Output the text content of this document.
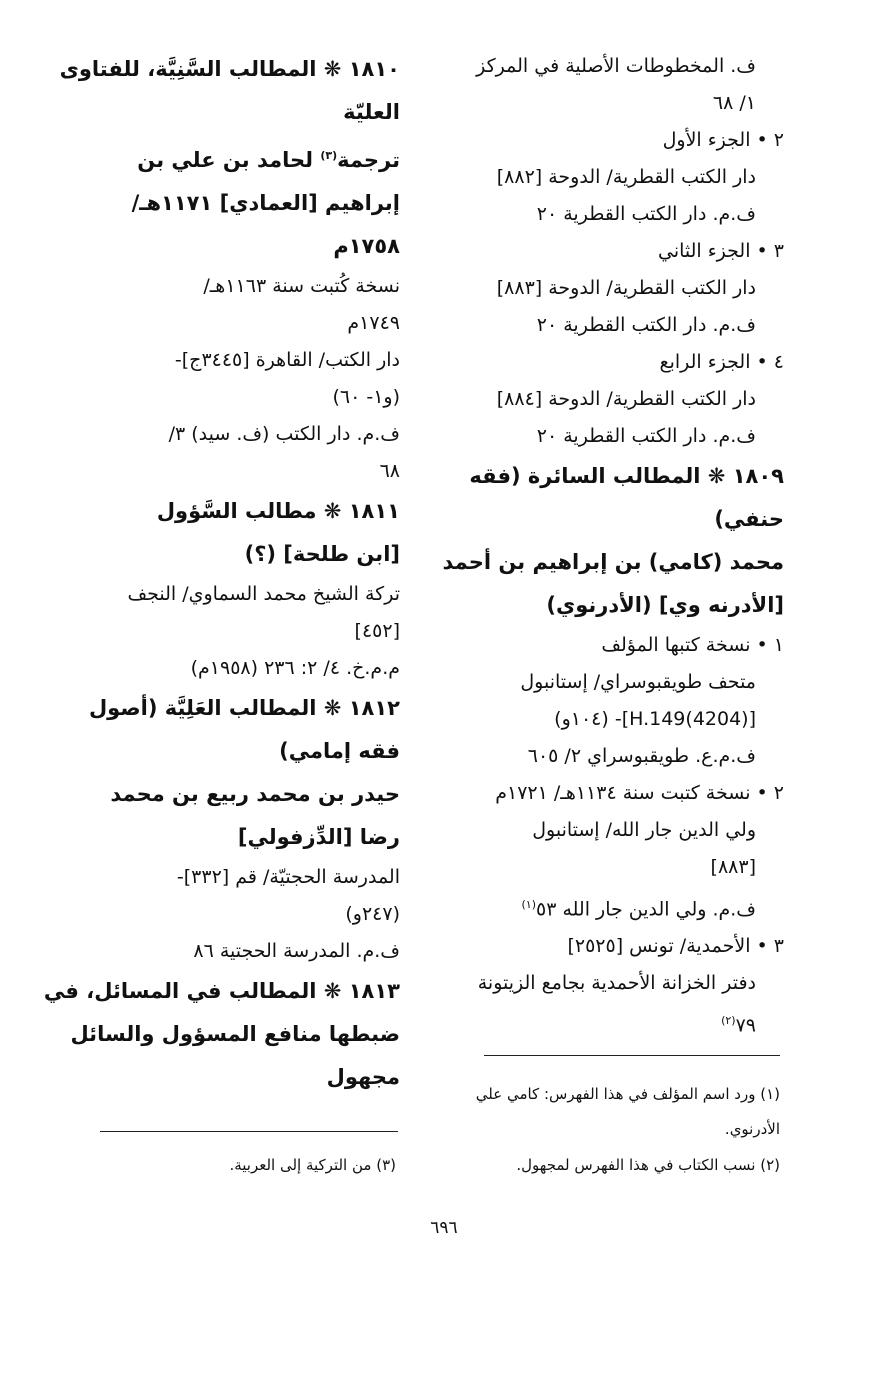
ف. المخطوطات الأصلية في المركز
١/ ٦٨
٢ • الجزء الأول
دار الكتب القطرية/ الدوحة [٨٨٢]
ف.م. دار الكتب القطرية ٢٠
٣ • الجزء الثاني
دار الكتب القطرية/ الدوحة [٨٨٣]
ف.م. دار الكتب القطرية ٢٠
٤ • الجزء الرابع
دار الكتب القطرية/ الدوحة [٨٨٤]
ف.م. دار الكتب القطرية ٢٠
١٨٠٩ ❋ المطالب السائرة (فقه
حنفي)
محمد (كامي) بن إبراهيم بن أحمد
[الأدرنه وي] (الأدرنوي)
١ • نسخة كتبها المؤلف
متحف طويقبوسراي/ إستانبول
[(4204)H.149]- (١٠٤و)
ف.م.ع. طويقبوسراي ٢/ ٦٠٥
٢ • نسخة كتبت سنة ١١٣٤هـ/ ١٧٢١م
ولي الدين جار الله/ إستانبول
[٨٨٣]
ف.م. ولي الدين جار الله ٥٣$^{(١)}$
٣ • الأحمدية/ تونس [٢٥٢٥]
دفتر الخزانة الأحمدية بجامع الزيتونة
٧٩$^{(٢)}$
١٨١٠ ❋ المطالب السَّنِيَّة، للفتاوى
العليّة
ترجمة$^{(٣)}$ لحامد بن علي بن
إبراهيم [العمادي] ١١٧١هـ/
١٧٥٨م
نسخة كُتبت سنة ١١٦٣هـ/
١٧٤٩م
دار الكتب/ القاهرة [٣٤٤٥ج]-
(و١- ٦٠)
ف.م. دار الكتب (ف. سيد) ٣/
٦٨
١٨١١ ❋ مطالب السَّؤول
[ابن طلحة] (؟)
تركة الشيخ محمد السماوي/ النجف
[٤٥٢]
م.م.خ. ٤/ ٢: ٢٣٦ (١٩٥٨م)
١٨١٢ ❋ المطالب العَلِيَّة (أصول
فقه إمامي)
حيدر بن محمد ربيع بن محمد
رضا [الدِّزفولي]
المدرسة الحجتيّة/ قم [٣٣٢]-
(٢٤٧و)
ف.م. المدرسة الحجتية ٨٦
١٨١٣ ❋ المطالب في المسائل، في
ضبطها منافع المسؤول والسائل
مجهول
(١) ورد اسم المؤلف في هذا الفهرس: كامي علي
الأدرنوي.
(٢) نسب الكتاب في هذا الفهرس لمجهول.
(٣) من التركية إلى العربية.
٦٩٦
